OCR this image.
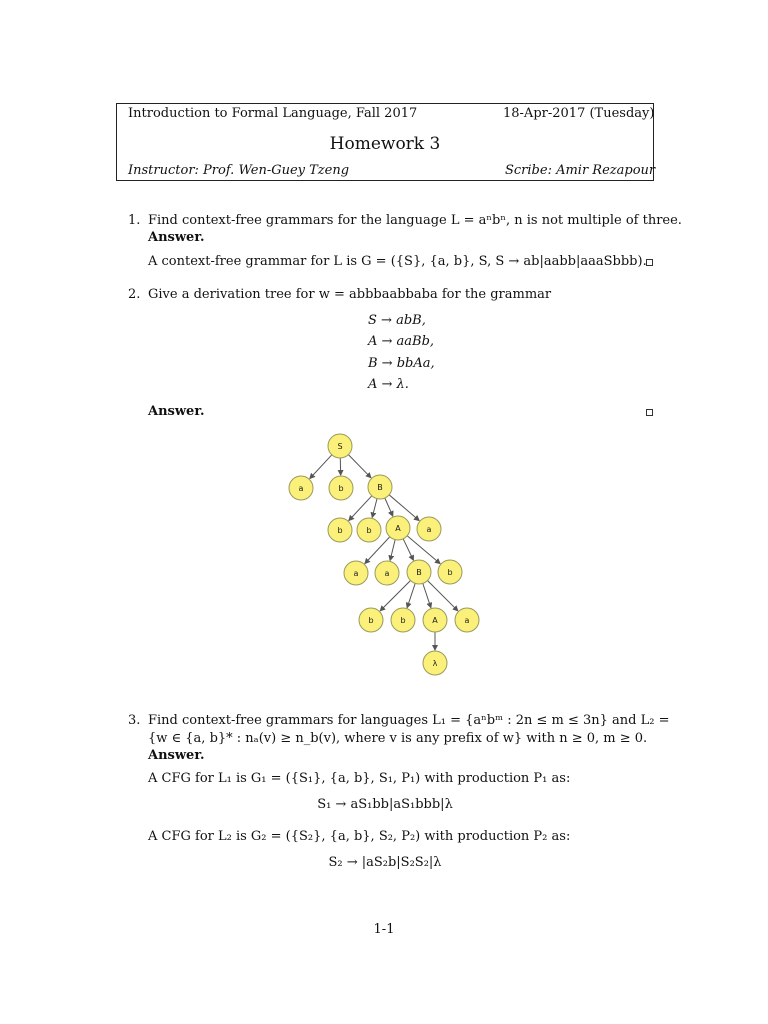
Introduction to Formal Language, Fall 2017	18-Apr-2017 (Tuesday)
Homework 3
Instructor: Prof. Wen-Guey Tzeng	Scribe: Amir Rezapour
1. Find context-free grammars for the language L = aⁿbⁿ, n is not multiple of three.
Answer.
A context-free grammar for L is G = ({S}, {a, b}, S, S → ab|aabb|aaaSbbb).
2. Give a derivation tree for w = abbbaabbaba for the grammar
S → abB,
A → aaBb,
B → bbAa,
A → λ.
Answer.
S
a	b	B
b	b	A	a
a	a	B	b
b	b	A	a
λ
3. Find context-free grammars for languages L₁ = {aⁿbᵐ : 2n ≤ m ≤ 3n} and L₂ =
{w ∈ {a, b}* : nₐ(v) ≥ n_b(v), where v is any prefix of w} with n ≥ 0, m ≥ 0.
Answer.
A CFG for L₁ is G₁ = ({S₁}, {a, b}, S₁, P₁) with production P₁ as:
S₁ → aS₁bb|aS₁bbb|λ
A CFG for L₂ is G₂ = ({S₂}, {a, b}, S₂, P₂) with production P₂ as:
S₂ → |aS₂b|S₂S₂|λ
1-1
